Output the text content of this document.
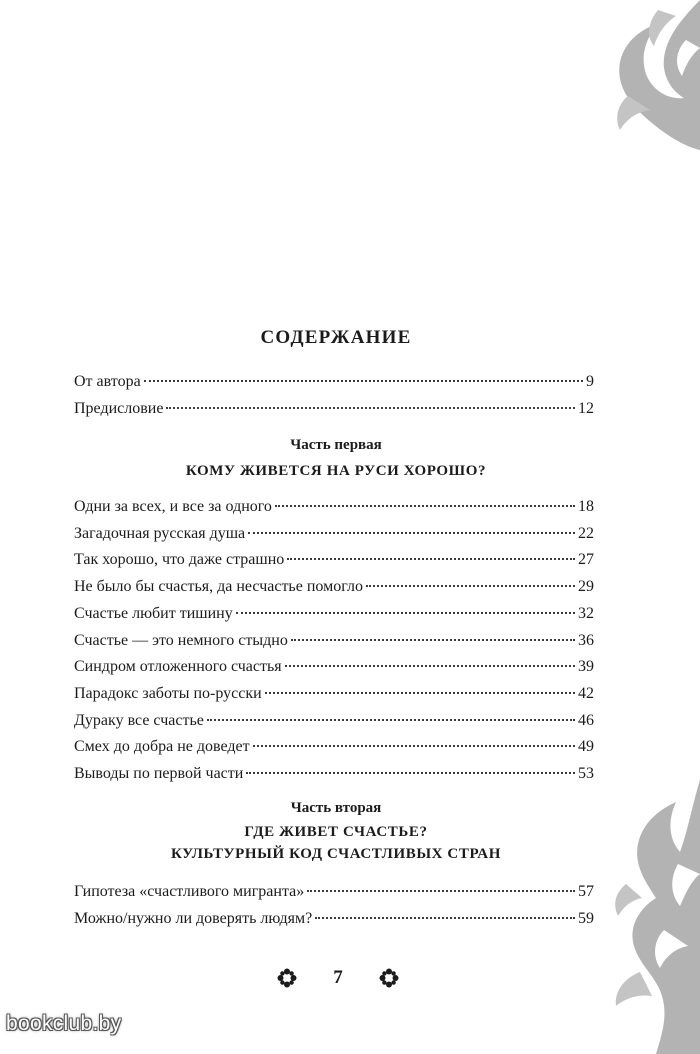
СОДЕРЖАНИЕ
От автора	9
Предисловие	12
Часть первая
КОМУ ЖИВЕТСЯ НА РУСИ ХОРОШО?
Одни за всех, и все за одного	18
Загадочная русская душа	22
Так хорошо, что даже страшно	27
Не было бы счастья, да несчастье помогло	29
Счастье любит тишину	32
Счастье — это немного стыдно	36
Синдром отложенного счастья	39
Парадокс заботы по-русски	42
Дураку все счастье	46
Смех до добра не доведет	49
Выводы по первой части	53
Часть вторая
ГДЕ ЖИВЕТ СЧАСТЬЕ?
КУЛЬТУРНЫЙ КОД СЧАСТЛИВЫХ СТРАН
Гипотеза «счастливого мигранта»	57
Можно/нужно ли доверять людям?	59
7
bookclub.by
